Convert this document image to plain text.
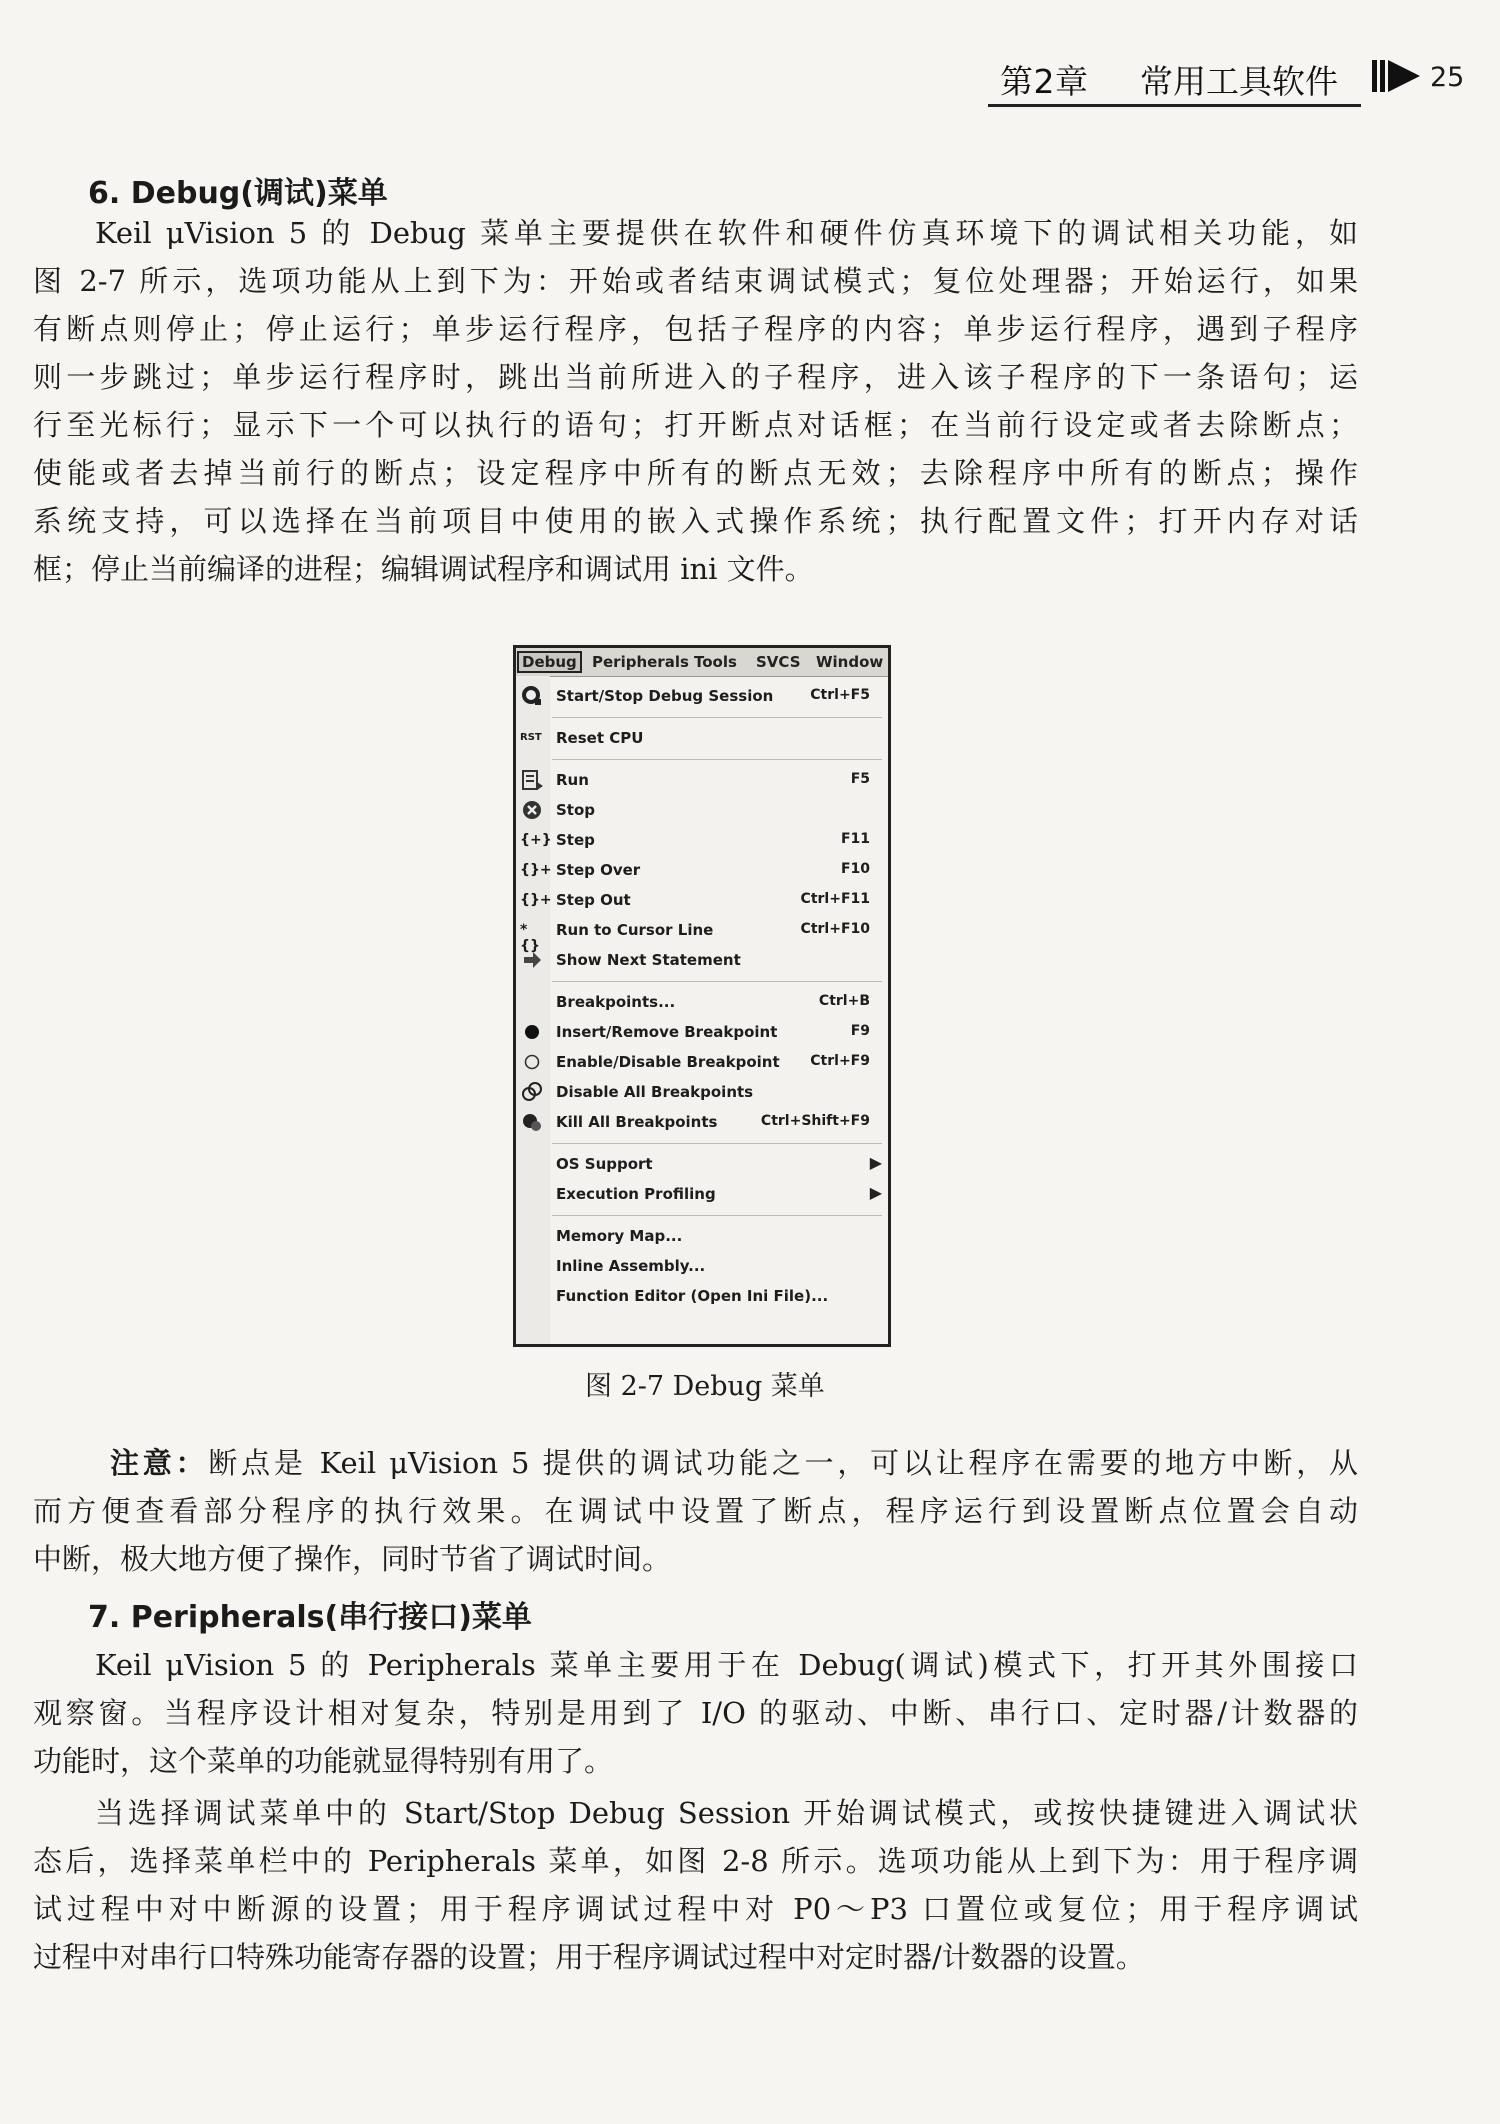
第2章 常用工具软件	25
6. Debug(调试)菜单
Keil μVision 5 的 Debug 菜单主要提供在软件和硬件仿真环境下的调试相关功能，如
图 2-7 所示，选项功能从上到下为：开始或者结束调试模式；复位处理器；开始运行，如果
有断点则停止；停止运行；单步运行程序，包括子程序的内容；单步运行程序，遇到子程序
则一步跳过；单步运行程序时，跳出当前所进入的子程序，进入该子程序的下一条语句；运
行至光标行；显示下一个可以执行的语句；打开断点对话框；在当前行设定或者去除断点；
使能或者去掉当前行的断点；设定程序中所有的断点无效；去除程序中所有的断点；操作
系统支持，可以选择在当前项目中使用的嵌入式操作系统；执行配置文件；打开内存对话
框；停止当前编译的进程；编辑调试程序和调试用 ini 文件。
Debug	Peripherals Tools SVCS Window
Start/Stop Debug Session	Ctrl+F5
RST Reset CPU
Run	F5
Stop
{+} Step	F11
{}+ Step Over	F10
{}+ Step Out	Ctrl+F11
*{}
Run to Cursor Line	Ctrl+F10
Show Next Statement
Breakpoints...	Ctrl+B
Insert/Remove Breakpoint	F9
Enable/Disable Breakpoint Ctrl+F9
Disable All Breakpoints
Kill All Breakpoints	Ctrl+Shift+F9
OS Support	▶
Execution Profiling	▶
Memory Map...
Inline Assembly...
Function Editor (Open Ini File)...
图 2-7 Debug 菜单
注意：断点是 Keil μVision 5 提供的调试功能之一，可以让程序在需要的地方中断，从
而方便查看部分程序的执行效果。在调试中设置了断点，程序运行到设置断点位置会自动
中断，极大地方便了操作，同时节省了调试时间。
7. Peripherals(串行接口)菜单
Keil μVision 5 的 Peripherals 菜单主要用于在 Debug(调试)模式下，打开其外围接口
观察窗。当程序设计相对复杂，特别是用到了 I/O 的驱动、中断、串行口、定时器/计数器的
功能时，这个菜单的功能就显得特别有用了。
当选择调试菜单中的 Start/Stop Debug Session 开始调试模式，或按快捷键进入调试状
态后，选择菜单栏中的 Peripherals 菜单，如图 2-8 所示。选项功能从上到下为：用于程序调
试过程中对中断源的设置；用于程序调试过程中对 P0～P3 口置位或复位；用于程序调试
过程中对串行口特殊功能寄存器的设置；用于程序调试过程中对定时器/计数器的设置。
